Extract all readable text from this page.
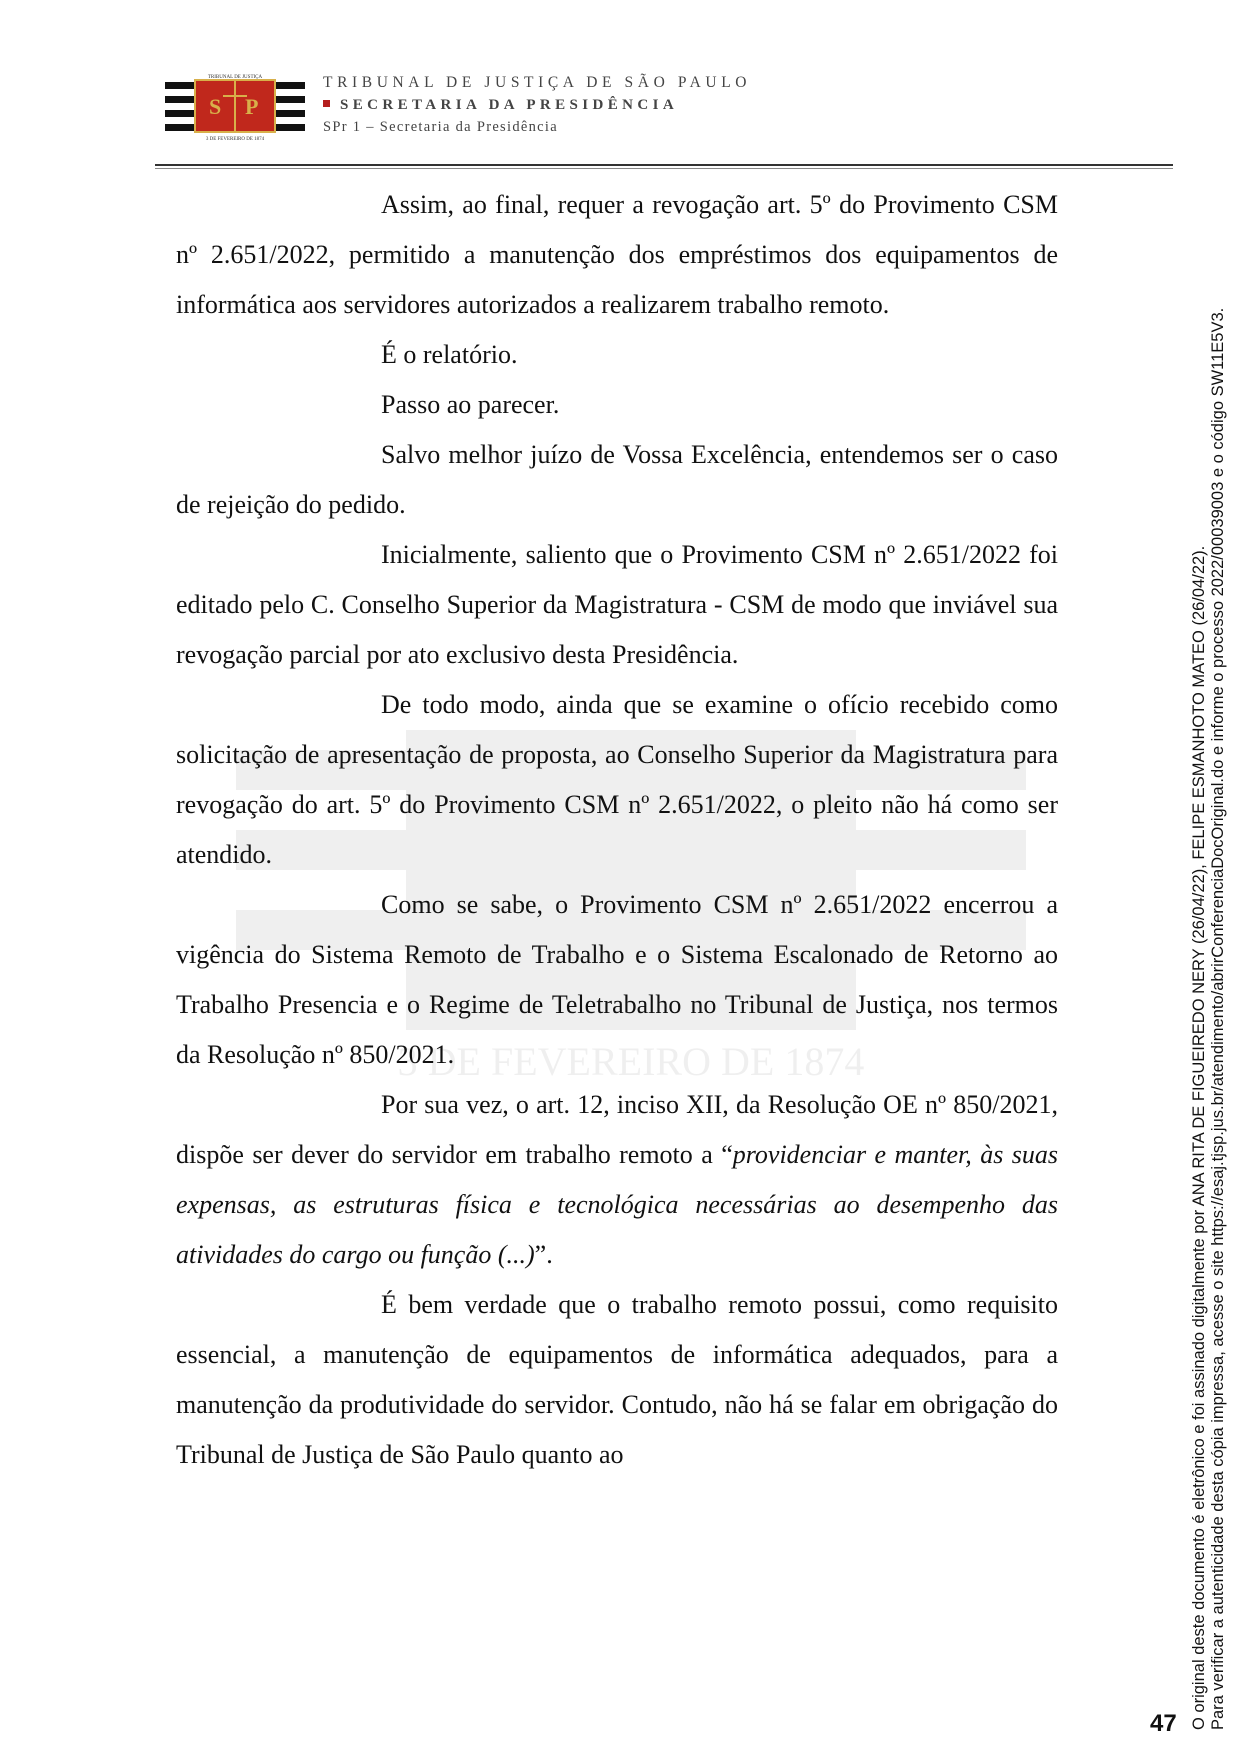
S P
TRIBUNAL DE JUSTIÇA
3 DE FEVEREIRO DE 1874
TRIBUNAL DE JUSTIÇA DE SÃO PAULO
SECRETARIA DA PRESIDÊNCIA
SPr 1 – Secretaria da Presidência
3 DE FEVEREIRO DE 1874

Assim, ao final, requer a revogação art. 5º do Provimento CSM nº 2.651/2022, permitido a manutenção dos empréstimos dos equipamentos de informática aos servidores autorizados a realizarem trabalho remoto.

É o relatório.

Passo ao parecer.

Salvo melhor juízo de Vossa Excelência, entendemos ser o caso de rejeição do pedido.

Inicialmente, saliento que o Provimento CSM nº 2.651/2022 foi editado pelo C. Conselho Superior da Magistratura - CSM de modo que inviável sua revogação parcial por ato exclusivo desta Presidência.

De todo modo, ainda que se examine o ofício recebido como solicitação de apresentação de proposta, ao Conselho Superior da Magistratura para revogação do art. 5º do Provimento CSM nº 2.651/2022, o pleito não há como ser atendido.

Como se sabe, o Provimento CSM nº 2.651/2022 encerrou a vigência do Sistema Remoto de Trabalho e o Sistema Escalonado de Retorno ao Trabalho Presencia e o Regime de Teletrabalho no Tribunal de Justiça, nos termos da Resolução nº 850/2021.

Por sua vez, o art. 12, inciso XII, da Resolução OE nº 850/2021, dispõe ser dever do servidor em trabalho remoto a “providenciar e manter, às suas expensas, as estruturas física e tecnológica necessárias ao desempenho das atividades do cargo ou função (...)”.

É bem verdade que o trabalho remoto possui, como requisito essencial, a manutenção de equipamentos de informática adequados, para a manutenção da produtividade do servidor. Contudo, não há se falar em obrigação do Tribunal de Justiça de São Paulo quanto ao	O original deste documento é eletrônico e foi assinado digitalmente por ANA RITA DE FIGUEIREDO NERY (26/04/22), FELIPE ESMANHOTO MATEO (26/04/22). Para verificar a autenticidade desta cópia impressa, acesse o site https://esaj.tjsp.jus.br/atendimento/abrirConferenciaDocOriginal.do e informe o processo 2022/00039003 e o código SW11E5V3.
47
